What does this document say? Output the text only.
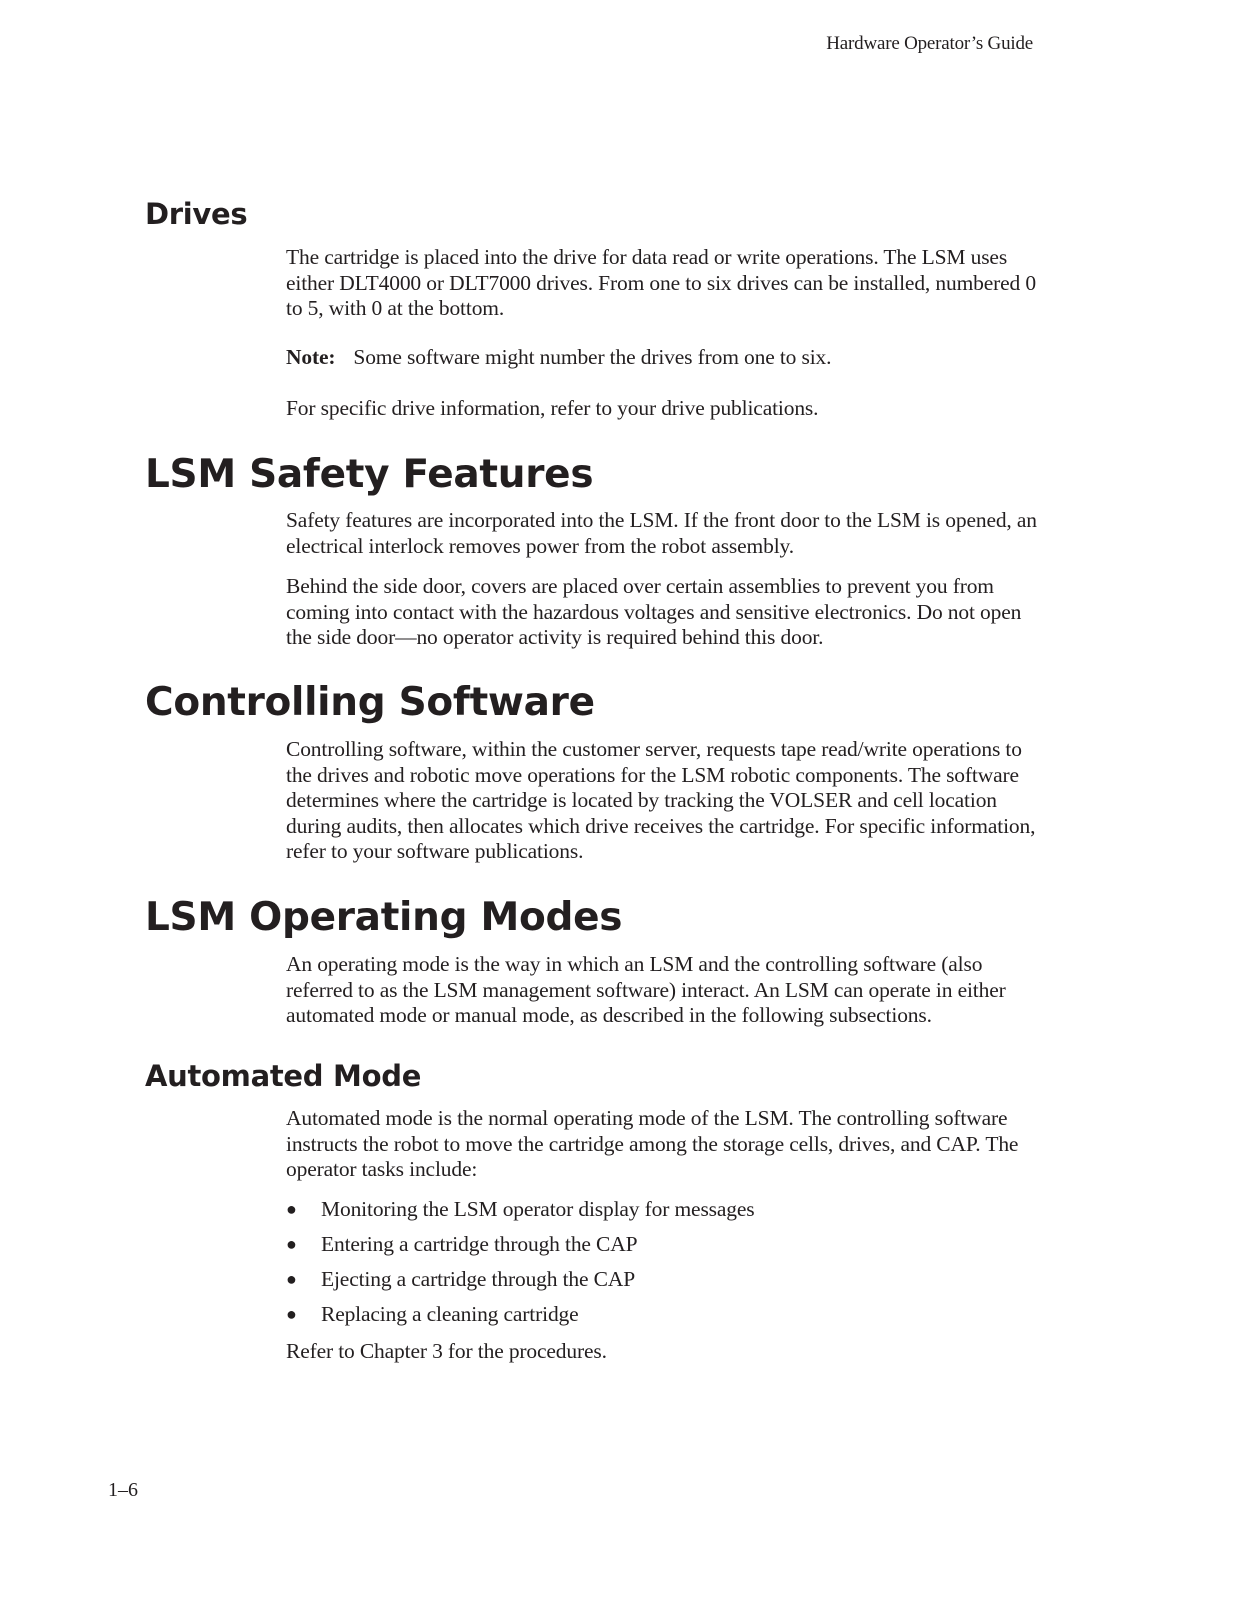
Hardware Operator’s Guide
Drives

The cartridge is placed into the drive for data read or write operations. The LSM uses either DLT4000 or DLT7000 drives. From one to six drives can be installed, numbered 0 to 5, with 0 at the bottom.

Note: Some software might number the drives from one to six.

For specific drive information, refer to your drive publications.

LSM Safety Features

Safety features are incorporated into the LSM. If the front door to the LSM is opened, an electrical interlock removes power from the robot assembly.

Behind the side door, covers are placed over certain assemblies to prevent you from coming into contact with the hazardous voltages and sensitive electronics. Do not open the side door—no operator activity is required behind this door.

Controlling Software

Controlling software, within the customer server, requests tape read/write operations to the drives and robotic move operations for the LSM robotic components. The software determines where the cartridge is located by tracking the VOLSER and cell location during audits, then allocates which drive receives the cartridge. For specific information, refer to your software publications.

LSM Operating Modes

An operating mode is the way in which an LSM and the controlling software (also referred to as the LSM management software) interact. An LSM can operate in either automated mode or manual mode, as described in the following subsections.

Automated Mode

Automated mode is the normal operating mode of the LSM. The controlling software instructs the robot to move the cartridge among the storage cells, drives, and CAP. The operator tasks include:

● Monitoring the LSM operator display for messages
● Entering a cartridge through the CAP
● Ejecting a cartridge through the CAP
● Replacing a cleaning cartridge

Refer to Chapter 3 for the procedures.

1–6
